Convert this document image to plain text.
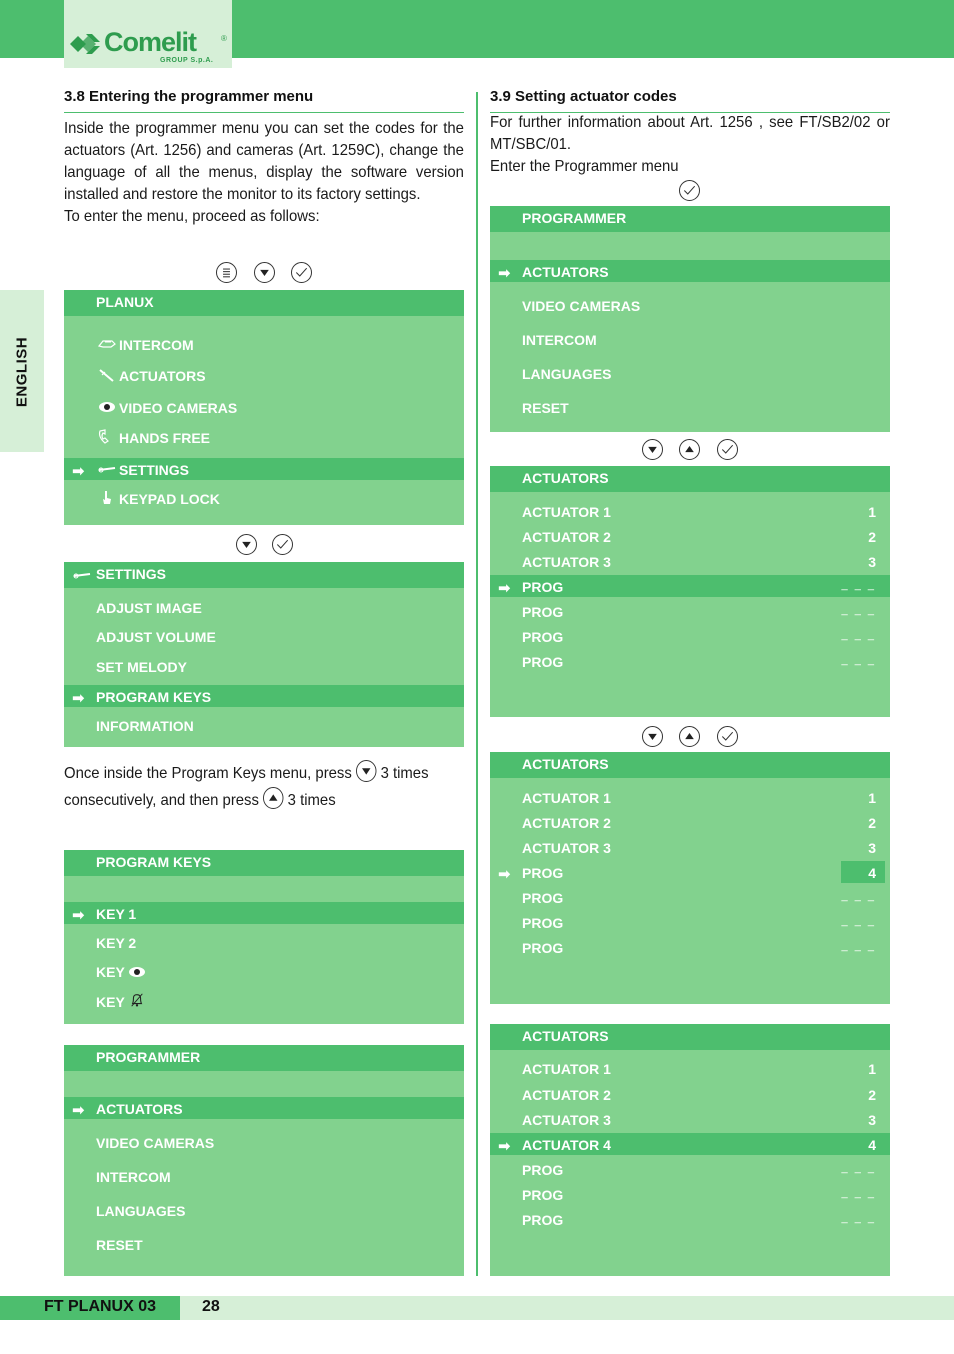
Comelit	®
GROUP S.p.A.
ENGLISH
3.8 Entering the programmer menu
Inside the programmer menu you can set the codes for the actuators (Art. 1256) and cameras (Art. 1259C), change the language of all the menus, display the software version installed and restore the monitor to its factory settings.
To enter the menu, proceed as follows:
PLANUX
INTERCOM
ACTUATORS
VIDEO CAMERAS
HANDS FREE
➡ SETTINGS
KEYPAD LOCK
SETTINGS
ADJUST IMAGE
ADJUST VOLUME
SET MELODY
➡ PROGRAM KEYS
INFORMATION
Once inside the Program Keys menu, press 3 times
consecutively, and then press 3 times
PROGRAM KEYS
➡ KEY 1
KEY 2
KEY
KEY
PROGRAMMER
➡ ACTUATORS
VIDEO CAMERAS
INTERCOM
LANGUAGES
RESET
3.9 Setting actuator codes
For further information about Art. 1256 , see FT/SB2/02 or MT/SBC/01.
Enter the Programmer menu
PROGRAMMER
➡ ACTUATORS
VIDEO CAMERAS
INTERCOM
LANGUAGES
RESET
ACTUATORS
ACTUATOR 1	1
ACTUATOR 2	2
ACTUATOR 3	3
➡ PROG	_ _ _
PROG	_ _ _
PROG	_ _ _
PROG	_ _ _
ACTUATORS
ACTUATOR 1	1
ACTUATOR 2	2
ACTUATOR 3	3
➡ PROG	4
PROG	_ _ _
PROG	_ _ _
PROG	_ _ _
ACTUATORS
ACTUATOR 1	1
ACTUATOR 2	2
ACTUATOR 3	3
➡ ACTUATOR 4	4
PROG	_ _ _
PROG	_ _ _
PROG	_ _ _
FT PLANUX 03	28
